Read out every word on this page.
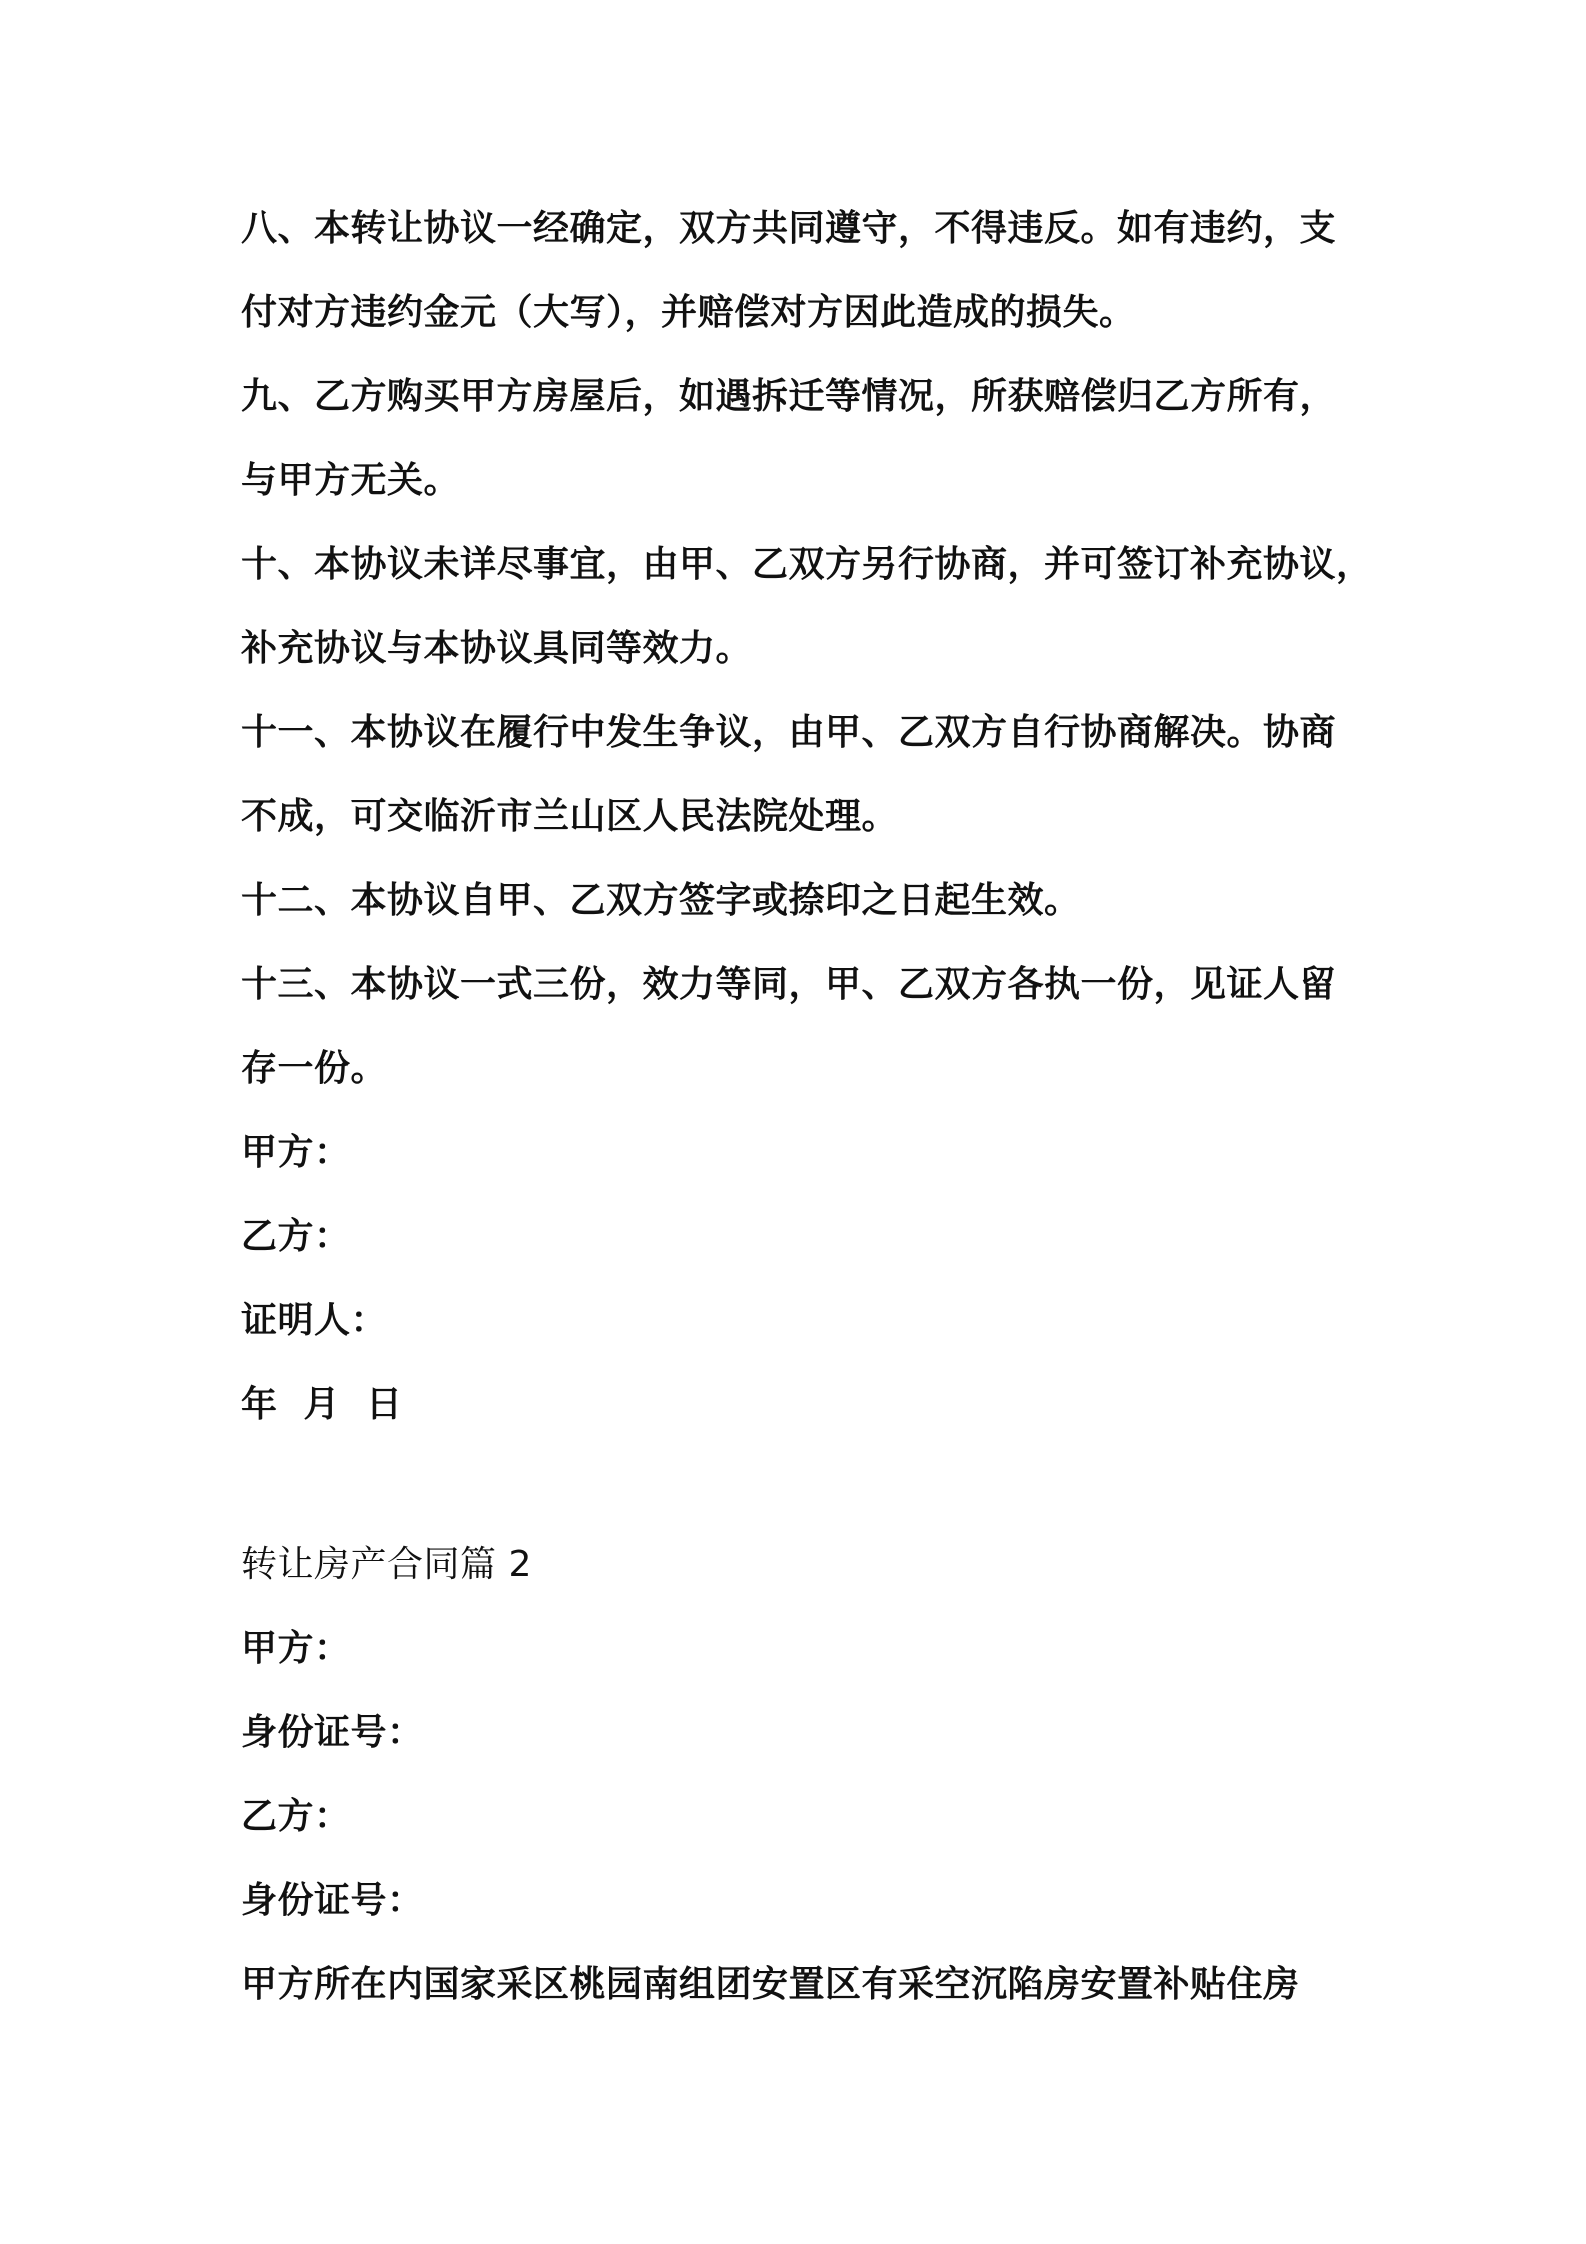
八、本转让协议一经确定，双方共同遵守，不得违反。如有违约，支
付对方违约金元（大写），并赔偿对方因此造成的损失。
九、乙方购买甲方房屋后，如遇拆迁等情况，所获赔偿归乙方所有，
与甲方无关。
十、本协议未详尽事宜，由甲、乙双方另行协商，并可签订补充协议，
补充协议与本协议具同等效力。
十一、本协议在履行中发生争议，由甲、乙双方自行协商解决。协商
不成，可交临沂市兰山区人民法院处理。
十二、本协议自甲、乙双方签字或捺印之日起生效。
十三、本协议一式三份，效力等同，甲、乙双方各执一份，见证人留
存一份。
甲方：
乙方：
证明人：
年 月 日
转让房产合同篇 2
甲方：
身份证号：
乙方：
身份证号：
甲方所在内国家采区桃园南组团安置区有采空沉陷房安置补贴住房
